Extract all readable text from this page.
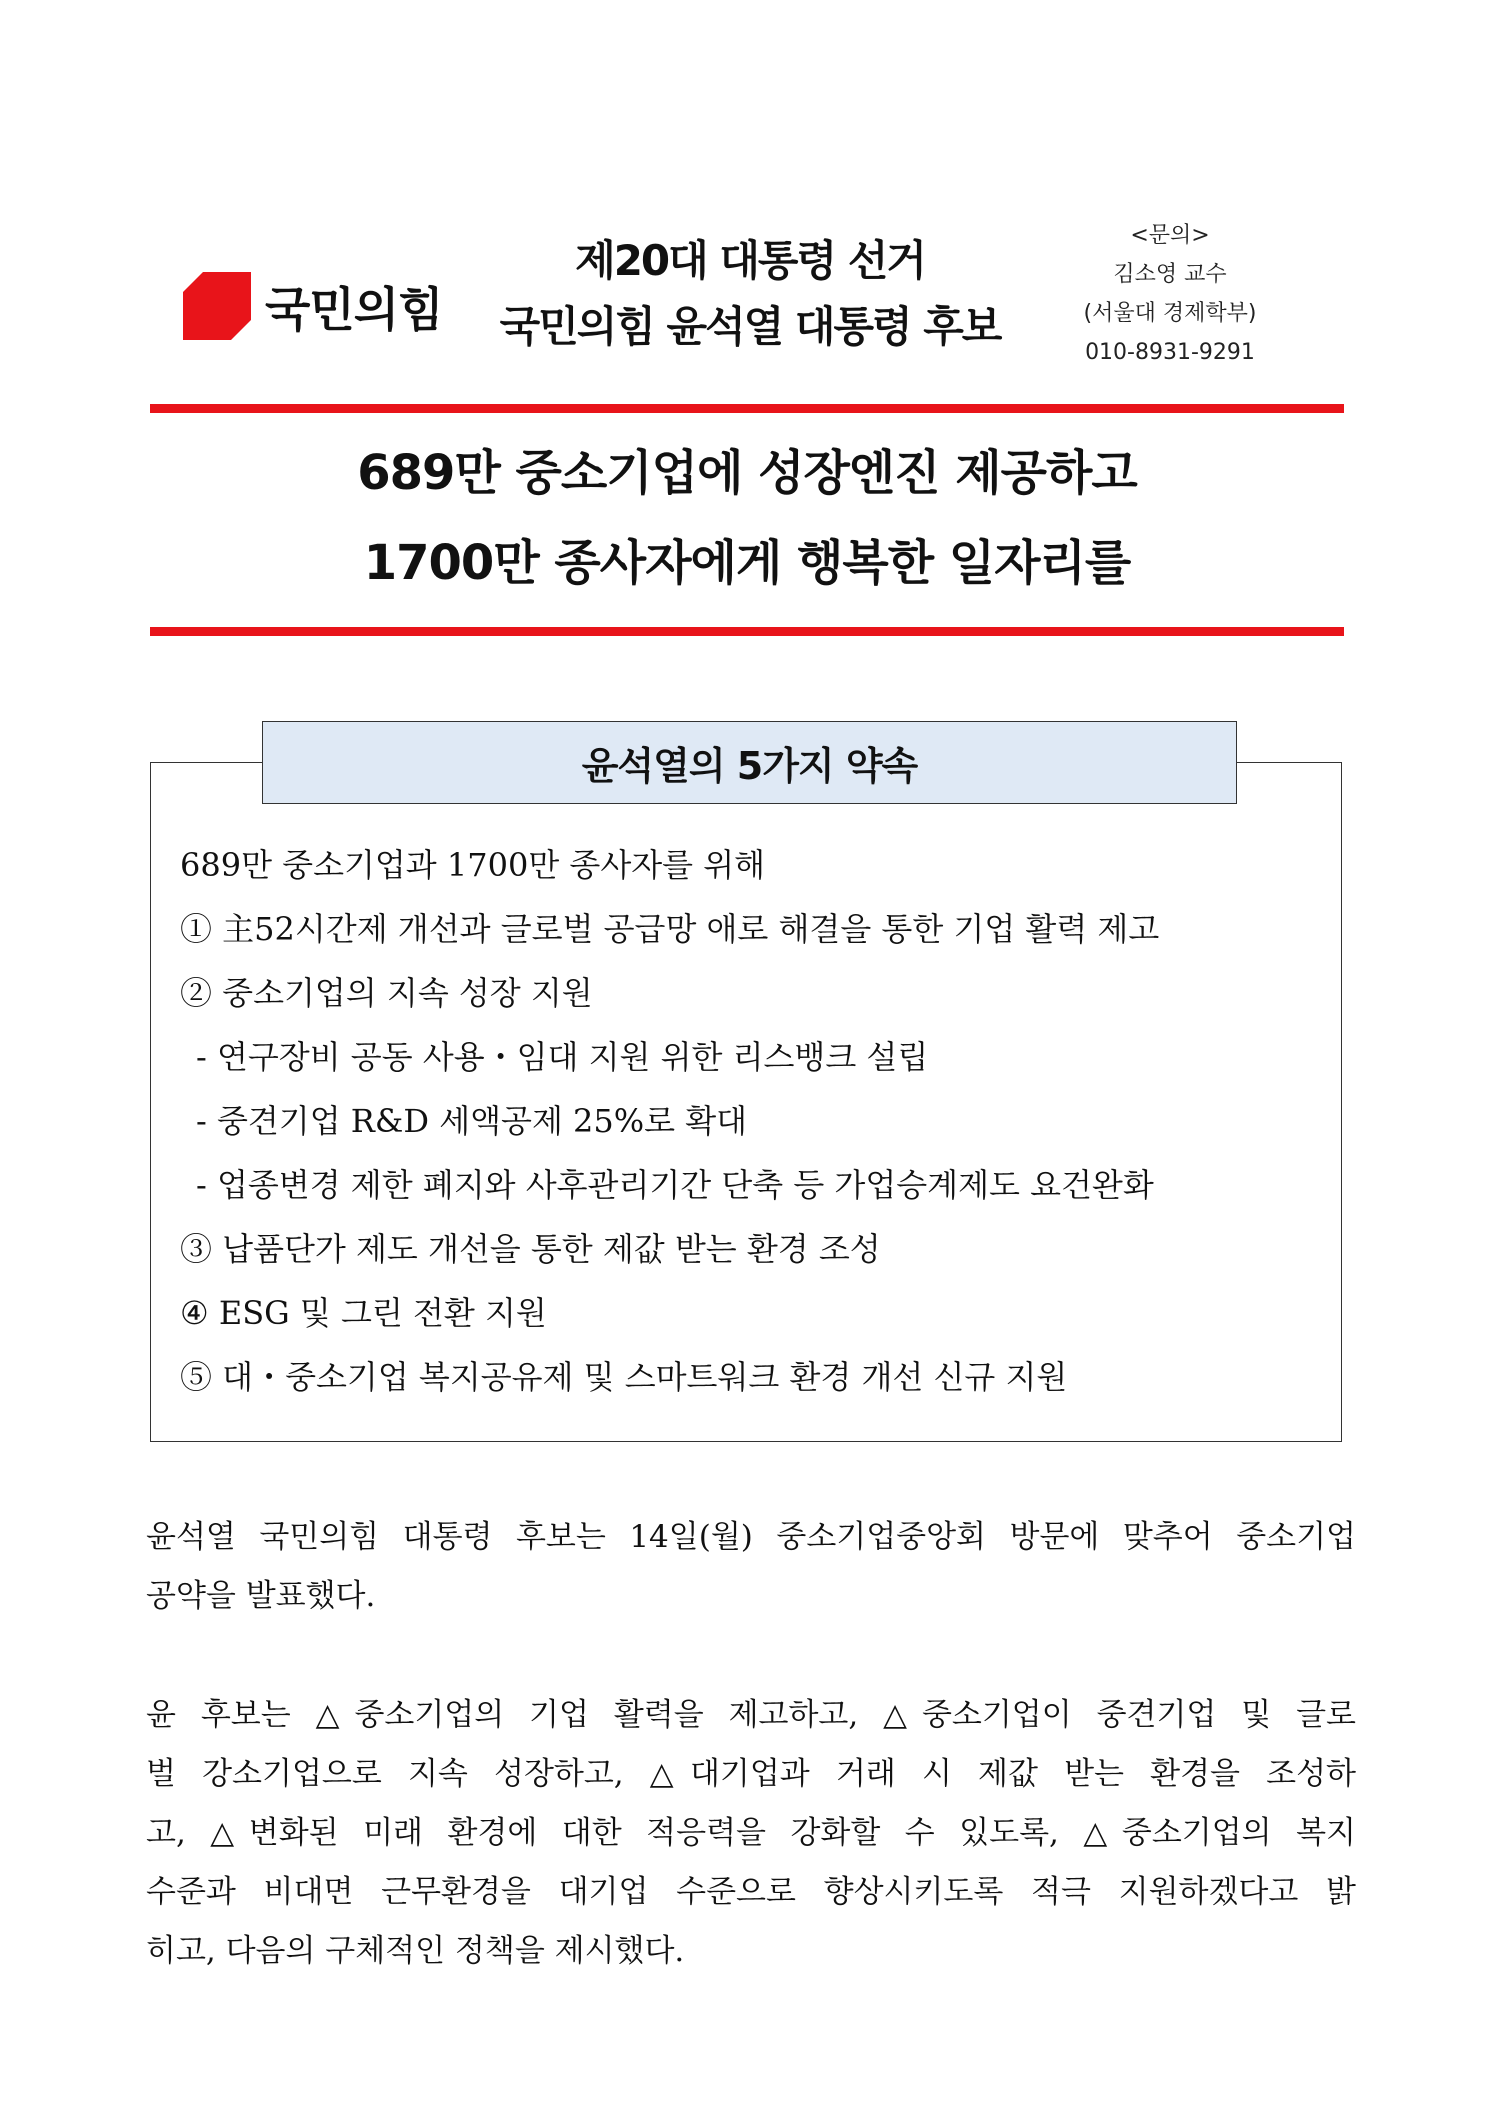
국민의힘
제20대 대통령 선거
국민의힘 윤석열 대통령 후보
<문의>
김소영 교수
(서울대 경제학부)
010-8931-9291
689만 중소기업에 성장엔진 제공하고
1700만 종사자에게 행복한 일자리를
윤석열의 5가지 약속
689만 중소기업과 1700만 종사자를 위해
① 主52시간제 개선과 글로벌 공급망 애로 해결을 통한 기업 활력 제고
② 중소기업의 지속 성장 지원
- 연구장비 공동 사용・임대 지원 위한 리스뱅크 설립
- 중견기업 R&D 세액공제 25%로 확대
- 업종변경 제한 폐지와 사후관리기간 단축 등 가업승계제도 요건완화
③ 납품단가 제도 개선을 통한 제값 받는 환경 조성
④ ESG 및 그린 전환 지원
⑤ 대・중소기업 복지공유제 및 스마트워크 환경 개선 신규 지원
윤석열 국민의힘 대통령 후보는 14일(월) 중소기업중앙회 방문에 맞추어 중소기업
공약을 발표했다.
윤 후보는 △중소기업의 기업 활력을 제고하고, △중소기업이 중견기업 및 글로
벌 강소기업으로 지속 성장하고, △대기업과 거래 시 제값 받는 환경을 조성하
고, △변화된 미래 환경에 대한 적응력을 강화할 수 있도록, △중소기업의 복지
수준과 비대면 근무환경을 대기업 수준으로 향상시키도록 적극 지원하겠다고 밝
히고, 다음의 구체적인 정책을 제시했다.
